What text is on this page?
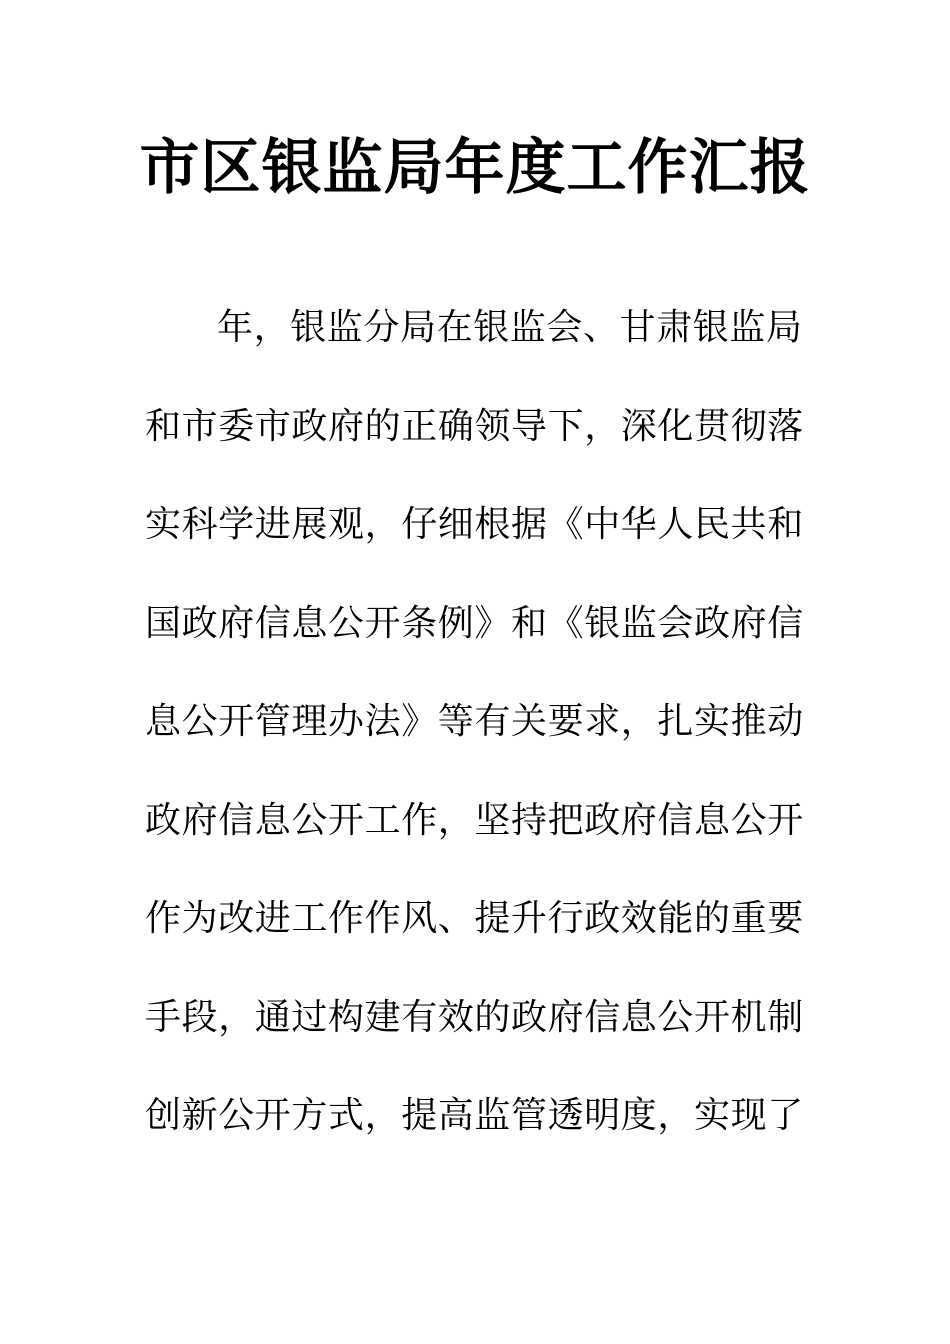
市区银监局年度工作汇报
年，银监分局在银监会、甘肃银监局
和市委市政府的正确领导下，深化贯彻落
实科学进展观，仔细根据《中华人民共和
国政府信息公开条例》和《银监会政府信
息公开管理办法》等有关要求，扎实推动
政府信息公开工作，坚持把政府信息公开
作为改进工作作风、提升行政效能的重要
手段，通过构建有效的政府信息公开机制
创新公开方式，提高监管透明度，实现了
